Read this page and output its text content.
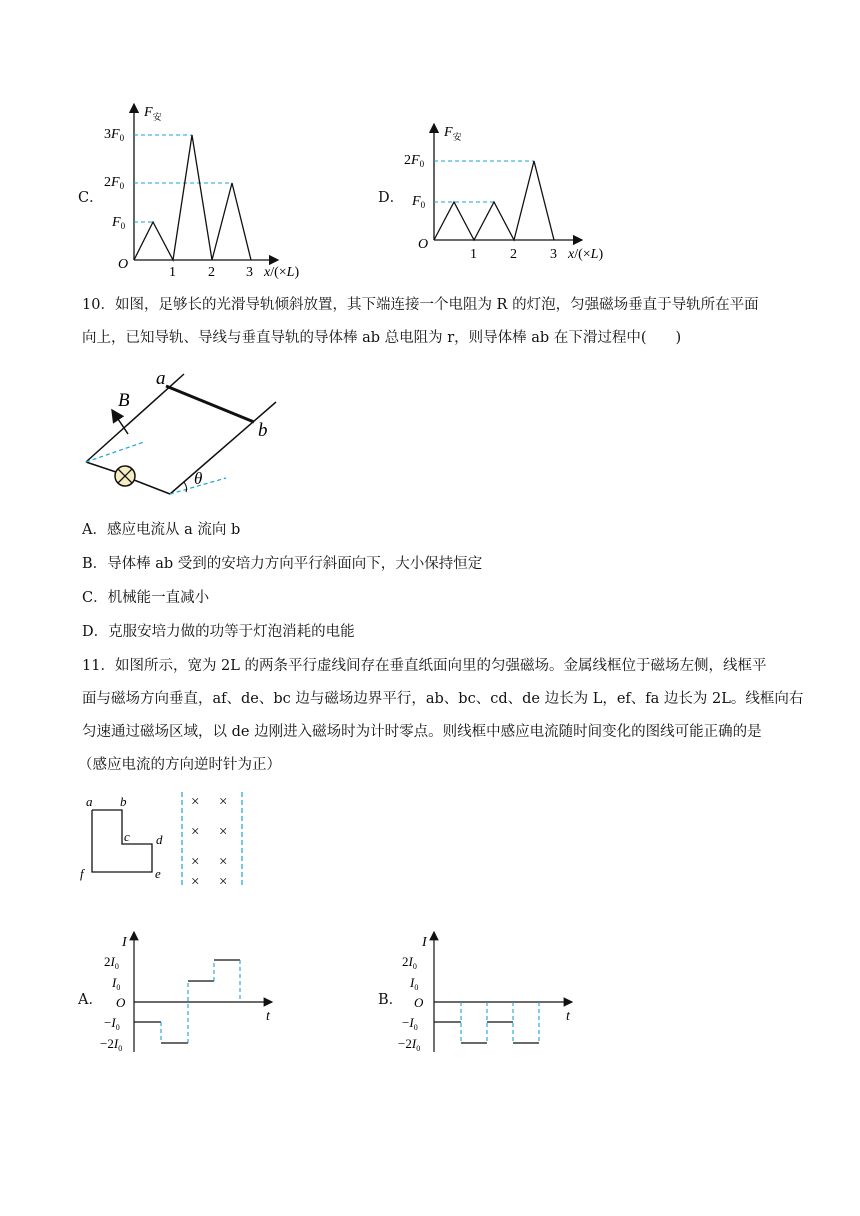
C．
$F_安$
$3F_0$
$2F_0$
$F_0$
O
1 2 3 x/(×L)
D．
$F_安$
$2F_0$
$F_0$
O
1 2 3 x/(×L)
10．如图，足够长的光滑导轨倾斜放置，其下端连接一个电阻为 R 的灯泡，匀强磁场垂直于导轨所在平面
向上，已知导轨、导线与垂直导轨的导体棒 ab 总电阻为 r，则导体棒 ab 在下滑过程中(　　)
a
b
B
θ
A．感应电流从 a 流向 b
B．导体棒 ab 受到的安培力方向平行斜面向下，大小保持恒定
C．机械能一直减小
D．克服安培力做的功等于灯泡消耗的电能
11．如图所示，宽为 2L 的两条平行虚线间存在垂直纸面向里的匀强磁场。金属线框位于磁场左侧，线框平
面与磁场方向垂直，af、de、bc 边与磁场边界平行，ab、bc、cd、de 边长为 L，ef、fa 边长为 2L。线框向右
匀速通过磁场区域，以 de 边刚进入磁场时为计时零点。则线框中感应电流随时间变化的图线可能正确的是
（感应电流的方向逆时针为正）
a b
c d
e
f
× ×
× ×
× ×
× ×
A．
I
$2I_0$
$I_0$
O
$-I_0$
$-2I_0$
t
B．
I
$2I_0$
$I_0$
O
$-I_0$
$-2I_0$
t
